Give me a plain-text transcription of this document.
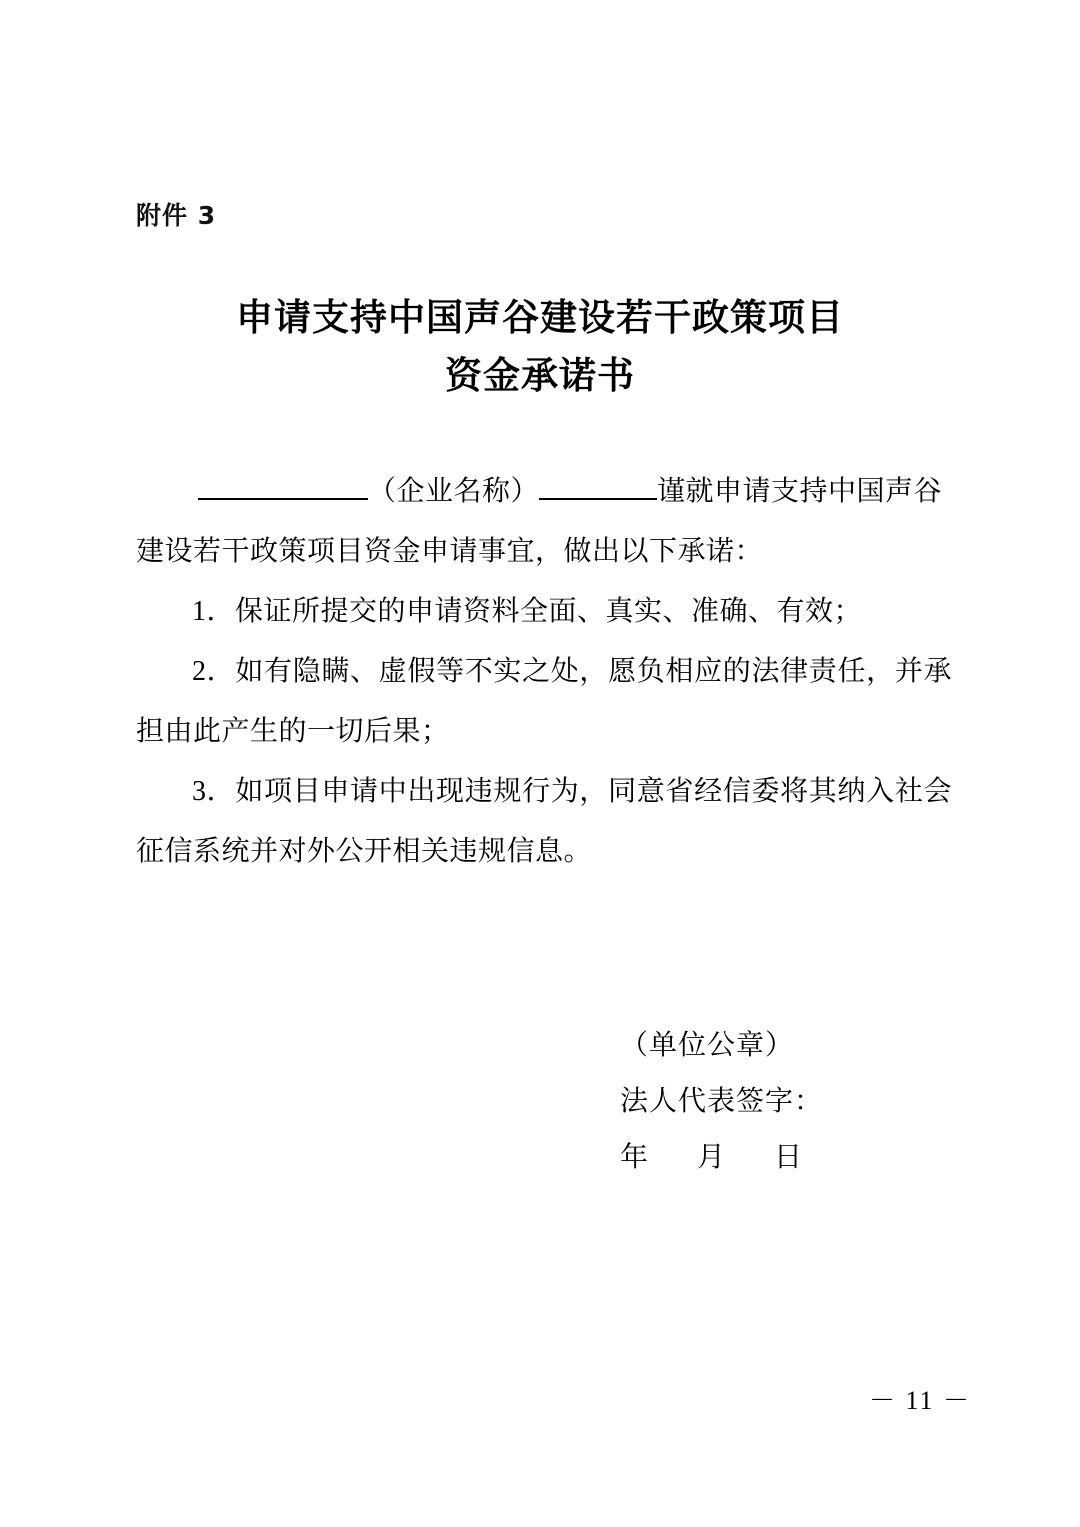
附件 3
申请支持中国声谷建设若干政策项目
资金承诺书

（企业名称）	谨就申请支持中国声谷

建设若干政策项目资金申请事宜，做出以下承诺：

1．保证所提交的申请资料全面、真实、准确、有效；

2．如有隐瞒、虚假等不实之处，愿负相应的法律责任，并承担由此产生的一切后果；

3．如项目申请中出现违规行为，同意省经信委将其纳入社会征信系统并对外公开相关违规信息。

（单位公章）
法人代表签字：
年      月      日
－ 11 －
